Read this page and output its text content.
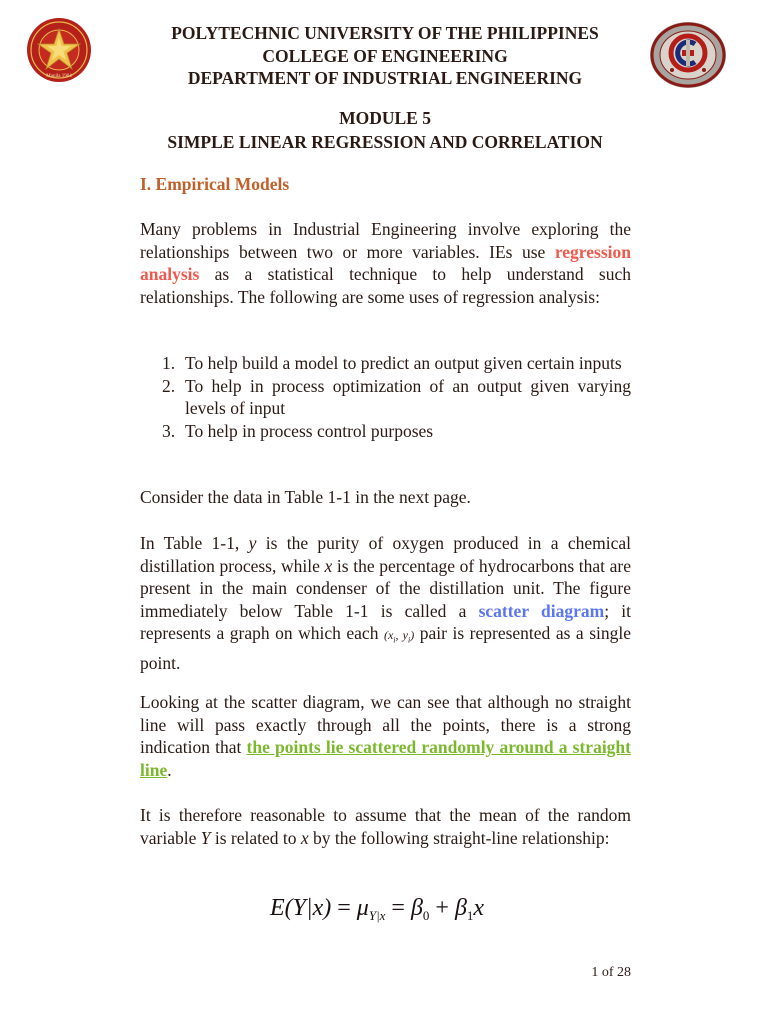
Manila 1904
POLYTECHNIC UNIVERSITY OF THE PHILIPPINES
COLLEGE OF ENGINEERING
DEPARTMENT OF INDUSTRIAL ENGINEERING
MODULE 5
SIMPLE LINEAR REGRESSION AND CORRELATION
I. Empirical Models
Many problems in Industrial Engineering involve exploring the relationships between two or more variables. IEs use regression analysis as a statistical technique to help understand such relationships. The following are some uses of regression analysis:
1. To help build a model to predict an output given certain inputs
2. To help in process optimization of an output given varying levels of input
3. To help in process control purposes
Consider the data in Table 1-1 in the next page.
In Table 1-1, y is the purity of oxygen produced in a chemical distillation process, while x is the percentage of hydrocarbons that are present in the main condenser of the distillation unit. The figure immediately below Table 1-1 is called a scatter diagram; it represents a graph on which each ($x_i$, $y_i$) pair is represented as a single point.
Looking at the scatter diagram, we can see that although no straight line will pass exactly through all the points, there is a strong indication that the points lie scattered randomly around a straight line.
It is therefore reasonable to assume that the mean of the random variable Y is related to x by the following straight-line relationship:
$E(Y|x) = \mu_{Y|x} = \beta_0 + \beta_1x$
1 of 28
